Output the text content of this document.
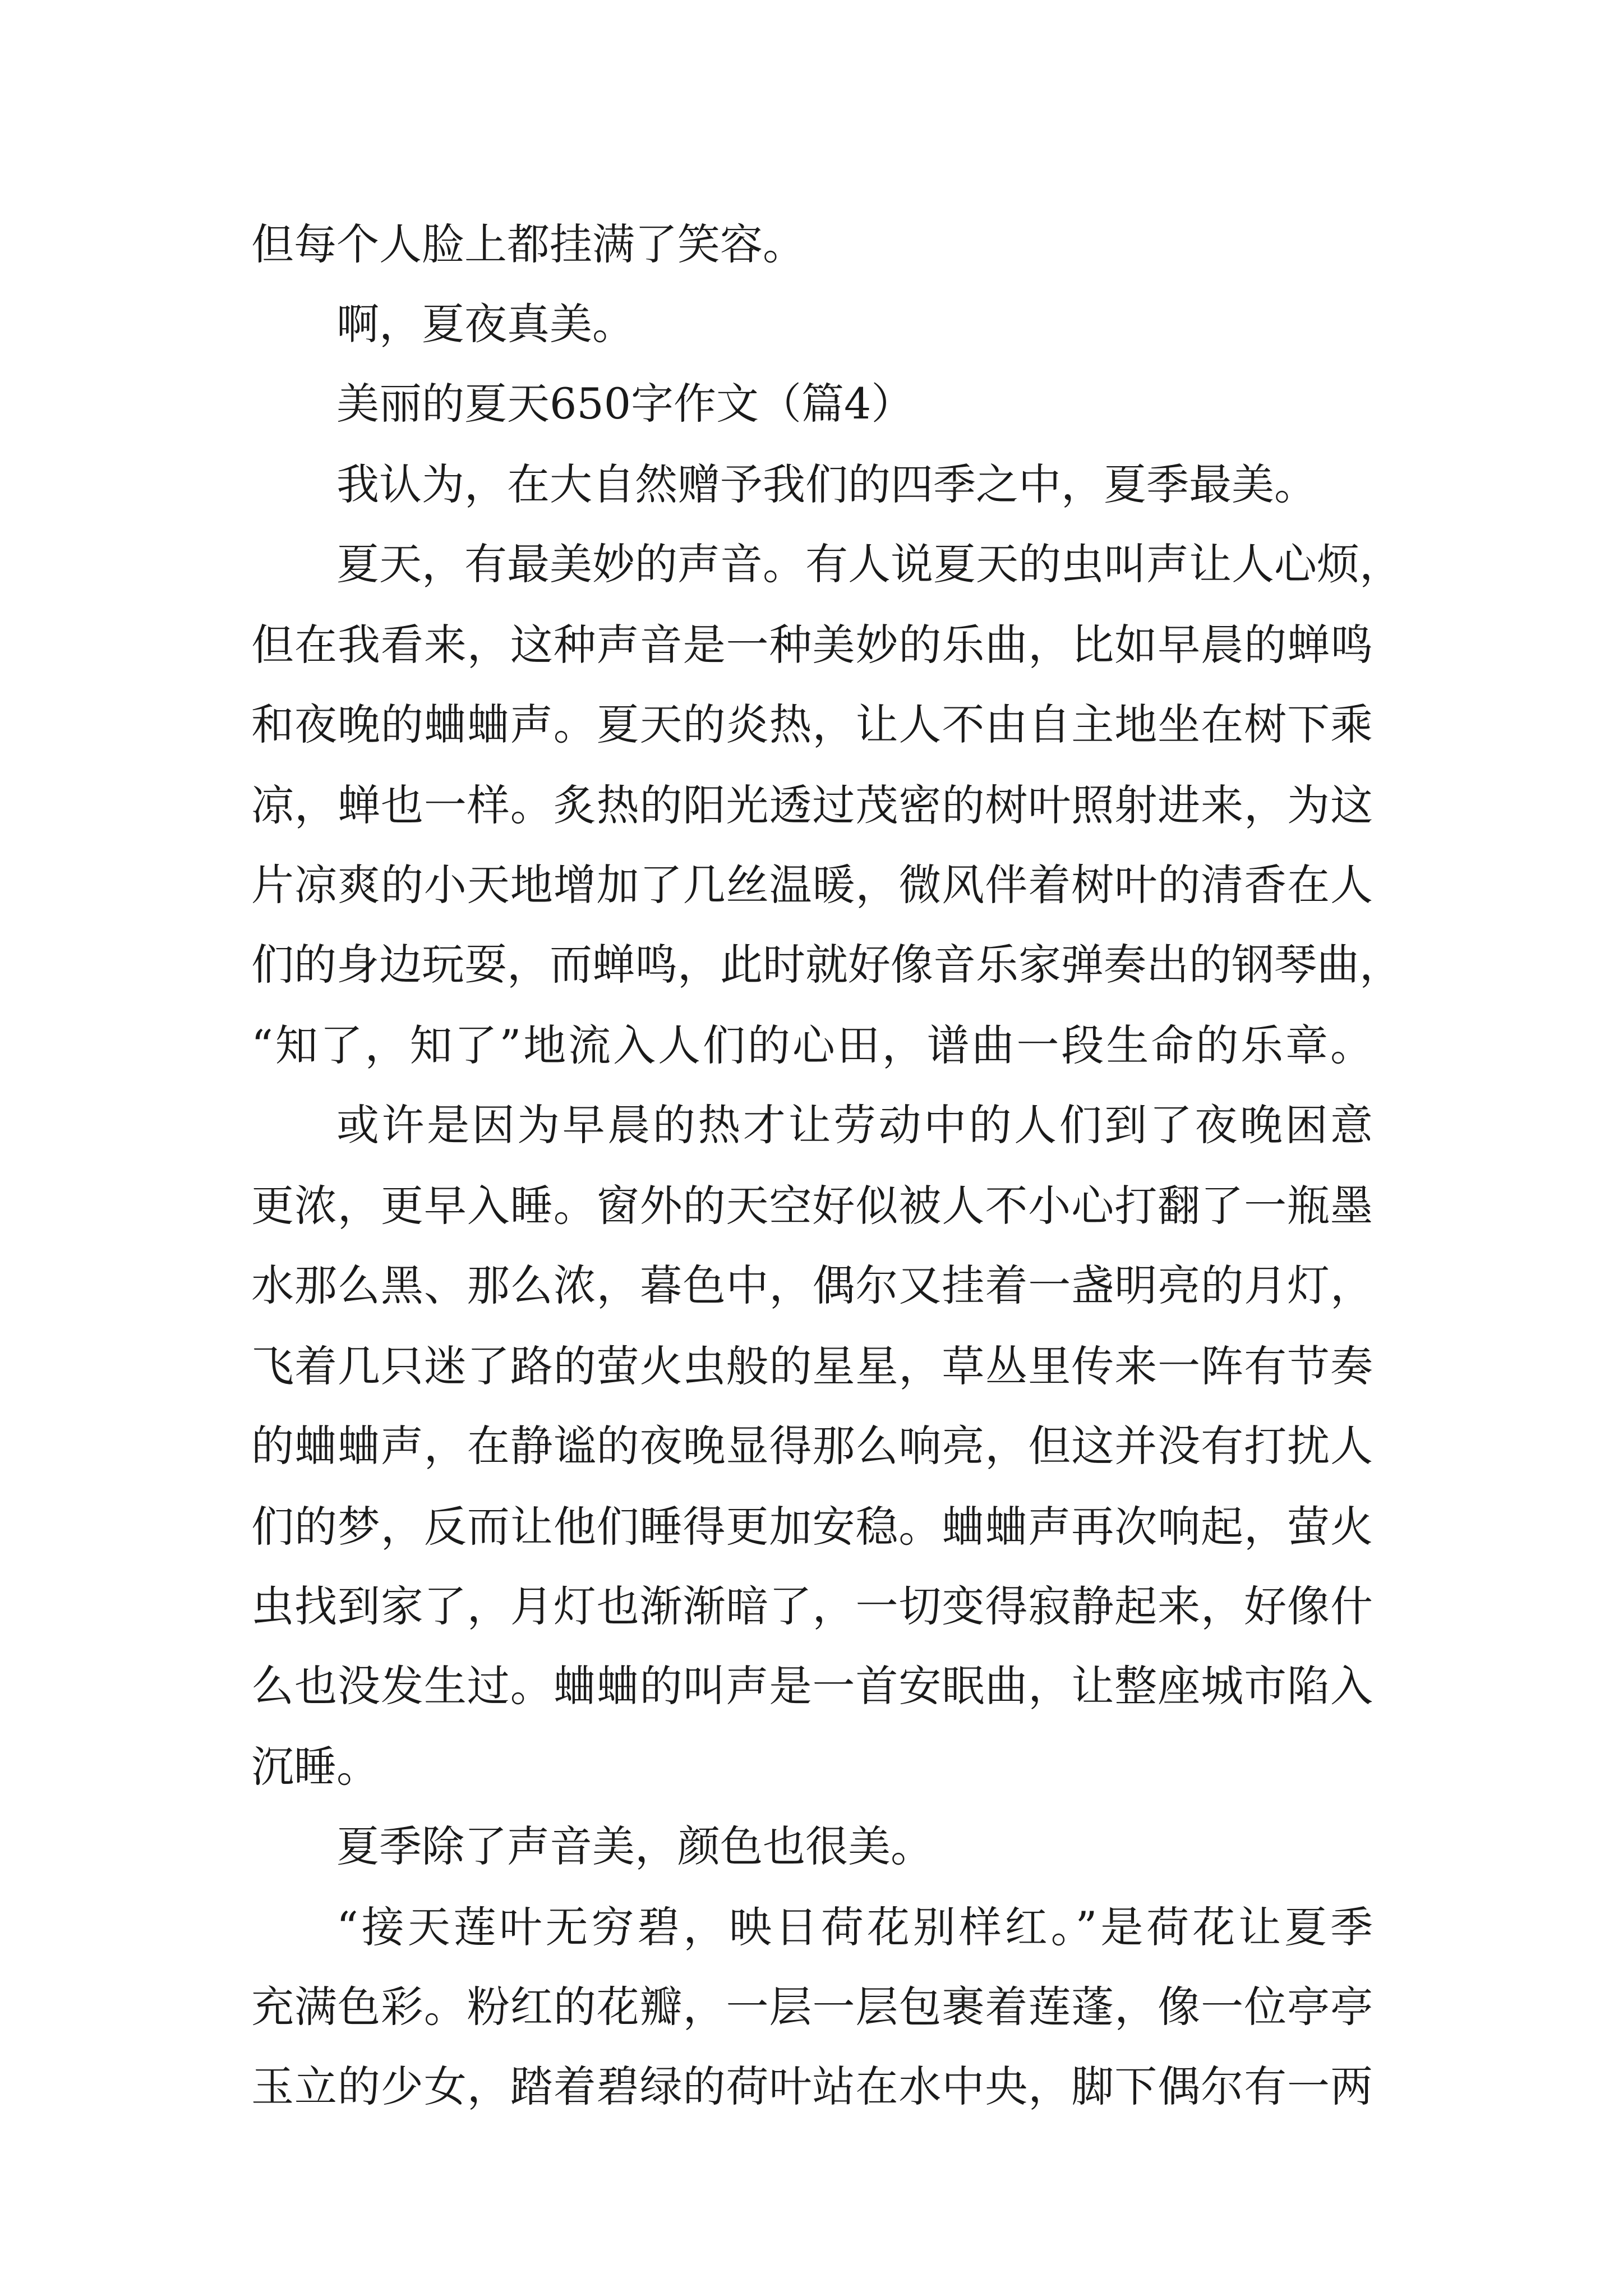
但每个人脸上都挂满了笑容。
啊，夏夜真美。
美丽的夏天650字作文（篇4）
我认为，在大自然赠予我们的四季之中，夏季最美。
夏天，有最美妙的声音。有人说夏天的虫叫声让人心烦，
但在我看来，这种声音是一种美妙的乐曲，比如早晨的蝉鸣
和夜晚的蛐蛐声。夏天的炎热，让人不由自主地坐在树下乘
凉，蝉也一样。炙热的阳光透过茂密的树叶照射进来，为这
片凉爽的小天地增加了几丝温暖，微风伴着树叶的清香在人
们的身边玩耍，而蝉鸣，此时就好像音乐家弹奏出的钢琴曲，
“知了，知了”地流入人们的心田，谱曲一段生命的乐章。
或许是因为早晨的热才让劳动中的人们到了夜晚困意
更浓，更早入睡。窗外的天空好似被人不小心打翻了一瓶墨
水那么黑、那么浓，暮色中，偶尔又挂着一盏明亮的月灯，
飞着几只迷了路的萤火虫般的星星，草丛里传来一阵有节奏
的蛐蛐声，在静谧的夜晚显得那么响亮，但这并没有打扰人
们的梦，反而让他们睡得更加安稳。蛐蛐声再次响起，萤火
虫找到家了，月灯也渐渐暗了，一切变得寂静起来，好像什
么也没发生过。蛐蛐的叫声是一首安眠曲，让整座城市陷入
沉睡。
夏季除了声音美，颜色也很美。
“接天莲叶无穷碧，映日荷花别样红。”是荷花让夏季
充满色彩。粉红的花瓣，一层一层包裹着莲蓬，像一位亭亭
玉立的少女，踏着碧绿的荷叶站在水中央，脚下偶尔有一两
